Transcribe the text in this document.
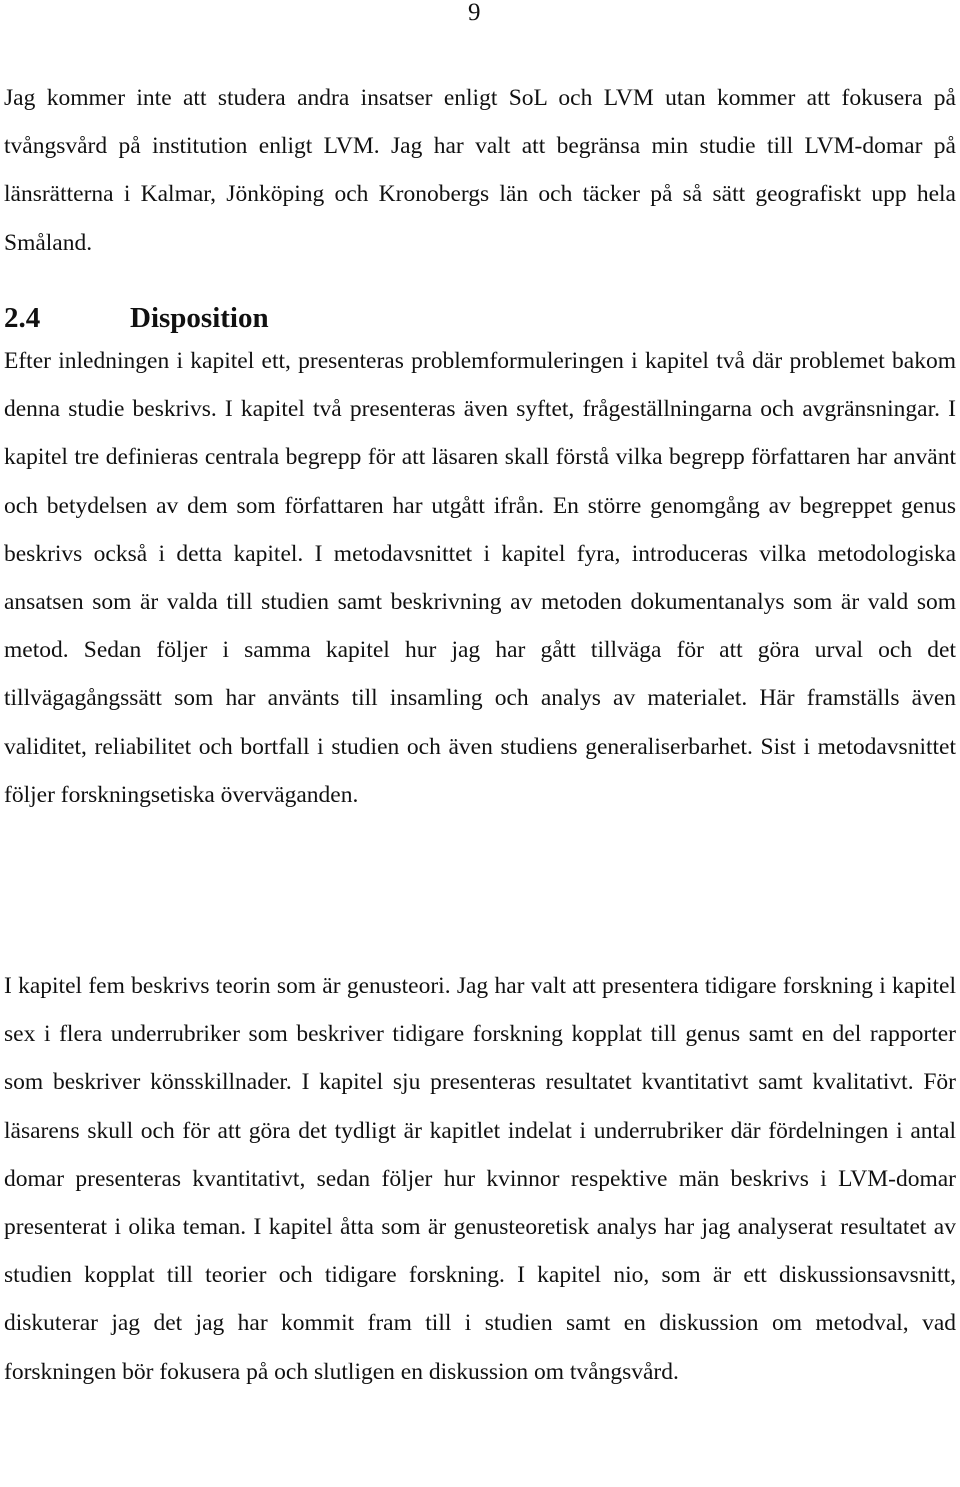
9

Jag kommer inte att studera andra insatser enligt SoL och LVM utan kommer att fokusera på tvångsvård på institution enligt LVM. Jag har valt att begränsa min studie till LVM-domar på länsrätterna i Kalmar, Jönköping och Kronobergs län och täcker på så sätt geografiskt upp hela Småland.

2.4	Disposition

Efter inledningen i kapitel ett, presenteras problemformuleringen i kapitel två där problemet bakom denna studie beskrivs. I kapitel två presenteras även syftet, frågeställningarna och avgränsningar. I kapitel tre definieras centrala begrepp för att läsaren skall förstå vilka begrepp författaren har använt och betydelsen av dem som författaren har utgått ifrån. En större genomgång av begreppet genus beskrivs också i detta kapitel. I metodavsnittet i kapitel fyra, introduceras vilka metodologiska ansatsen som är valda till studien samt beskrivning av metoden dokumentanalys som är vald som metod. Sedan följer i samma kapitel hur jag har gått tillväga för att göra urval och det tillvägagångssätt som har använts till insamling och analys av materialet. Här framställs även validitet, reliabilitet och bortfall i studien och även studiens generaliserbarhet. Sist i metodavsnittet följer forskningsetiska överväganden.

I kapitel fem beskrivs teorin som är genusteori. Jag har valt att presentera tidigare forskning i kapitel sex i flera underrubriker som beskriver tidigare forskning kopplat till genus samt en del rapporter som beskriver könsskillnader. I kapitel sju presenteras resultatet kvantitativt samt kvalitativt. För läsarens skull och för att göra det tydligt är kapitlet indelat i underrubriker där fördelningen i antal domar presenteras kvantitativt, sedan följer hur kvinnor respektive män beskrivs i LVM-domar presenterat i olika teman. I kapitel åtta som är genusteoretisk analys har jag analyserat resultatet av studien kopplat till teorier och tidigare forskning. I kapitel nio, som är ett diskussionsavsnitt, diskuterar jag det jag har kommit fram till i studien samt en diskussion om metodval, vad forskningen bör fokusera på och slutligen en diskussion om tvångsvård.
